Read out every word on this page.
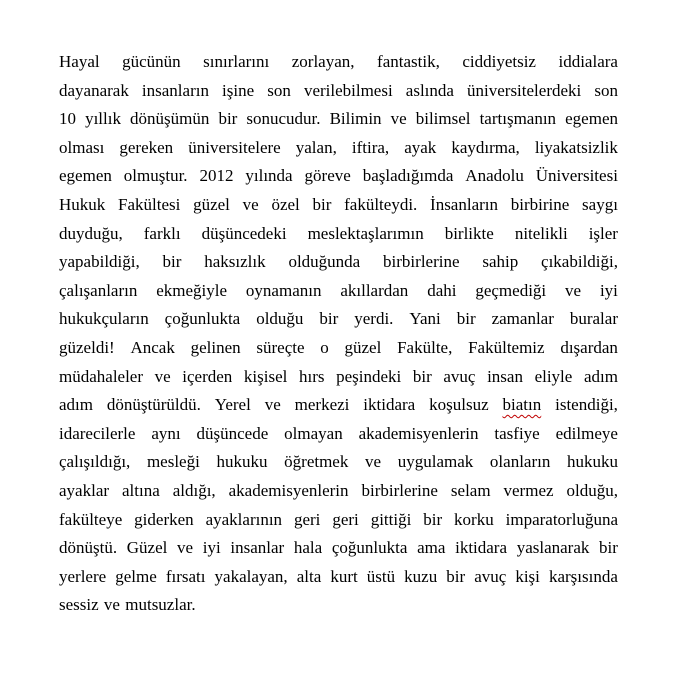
Hayal gücünün sınırlarını zorlayan, fantastik, ciddiyetsiz iddialara
dayanarak insanların işine son verilebilmesi aslında üniversitelerdeki son
10 yıllık dönüşümün bir sonucudur. Bilimin ve bilimsel tartışmanın egemen
olması gereken üniversitelere yalan, iftira, ayak kaydırma, liyakatsizlik
egemen olmuştur. 2012 yılında göreve başladığımda Anadolu Üniversitesi
Hukuk Fakültesi güzel ve özel bir fakülteydi. İnsanların birbirine saygı
duyduğu, farklı düşüncedeki meslektaşlarımın birlikte nitelikli işler
yapabildiği, bir haksızlık olduğunda birbirlerine sahip çıkabildiği,
çalışanların ekmeğiyle oynamanın akıllardan dahi geçmediği ve iyi
hukukçuların çoğunlukta olduğu bir yerdi. Yani bir zamanlar buralar
güzeldi! Ancak gelinen süreçte o güzel Fakülte, Fakültemiz dışardan
müdahaleler ve içerden kişisel hırs peşindeki bir avuç insan eliyle adım
adım dönüştürüldü. Yerel ve merkezi iktidara koşulsuz biatın istendiği,
idarecilerle aynı düşüncede olmayan akademisyenlerin tasfiye edilmeye
çalışıldığı, mesleği hukuku öğretmek ve uygulamak olanların hukuku
ayaklar altına aldığı, akademisyenlerin birbirlerine selam vermez olduğu,
fakülteye giderken ayaklarının geri geri gittiği bir korku imparatorluğuna
dönüştü. Güzel ve iyi insanlar hala çoğunlukta ama iktidara yaslanarak bir
yerlere gelme fırsatı yakalayan, alta kurt üstü kuzu bir avuç kişi karşısında
sessiz ve mutsuzlar.
